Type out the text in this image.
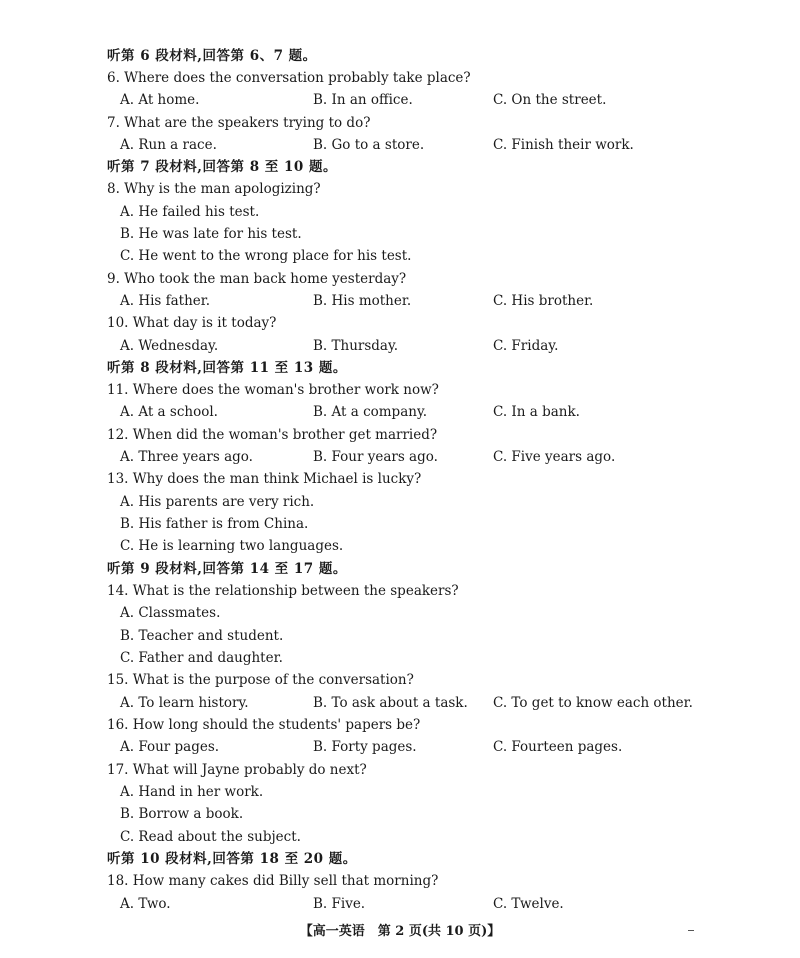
听第 6 段材料,回答第 6、7 题。
6. Where does the conversation probably take place?
A. At home.	B. In an office.	C. On the street.
7. What are the speakers trying to do?
A. Run a race.	B. Go to a store.	C. Finish their work.
听第 7 段材料,回答第 8 至 10 题。
8. Why is the man apologizing?
A. He failed his test.
B. He was late for his test.
C. He went to the wrong place for his test.
9. Who took the man back home yesterday?
A. His father.	B. His mother.	C. His brother.
10. What day is it today?
A. Wednesday.	B. Thursday.	C. Friday.
听第 8 段材料,回答第 11 至 13 题。
11. Where does the woman's brother work now?
A. At a school.	B. At a company.	C. In a bank.
12. When did the woman's brother get married?
A. Three years ago.	B. Four years ago.	C. Five years ago.
13. Why does the man think Michael is lucky?
A. His parents are very rich.
B. His father is from China.
C. He is learning two languages.
听第 9 段材料,回答第 14 至 17 题。
14. What is the relationship between the speakers?
A. Classmates.
B. Teacher and student.
C. Father and daughter.
15. What is the purpose of the conversation?
A. To learn history.	B. To ask about a task. C. To get to know each other.
16. How long should the students' papers be?
A. Four pages.	B. Forty pages.	C. Fourteen pages.
17. What will Jayne probably do next?
A. Hand in her work.
B. Borrow a book.
C. Read about the subject.
听第 10 段材料,回答第 18 至 20 题。
18. How many cakes did Billy sell that morning?
A. Two.	B. Five.	C. Twelve.
【高一英语　第 2 页(共 10 页)】
